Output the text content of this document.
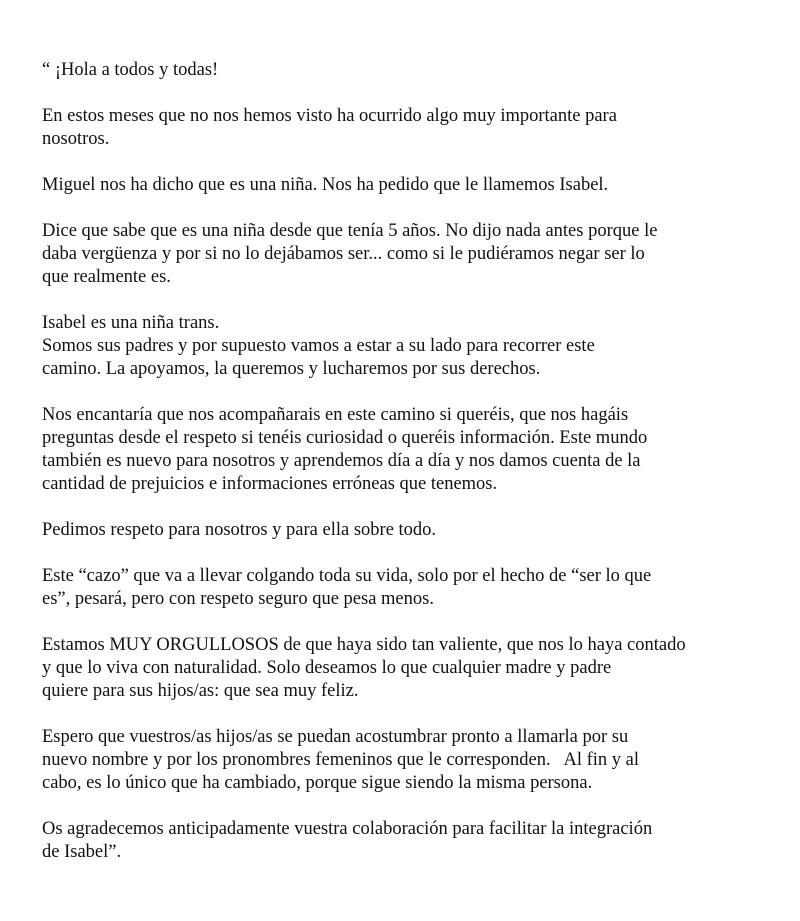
“ ¡Hola a todos y todas!

En estos meses que no nos hemos visto ha ocurrido algo muy importante para
nosotros.

Miguel nos ha dicho que es una niña. Nos ha pedido que le llamemos Isabel.

Dice que sabe que es una niña desde que tenía 5 años. No dijo nada antes porque le
daba vergüenza y por si no lo dejábamos ser... como si le pudiéramos negar ser lo
que realmente es.

Isabel es una niña trans.
Somos sus padres y por supuesto vamos a estar a su lado para recorrer este
camino. La apoyamos, la queremos y lucharemos por sus derechos.

Nos encantaría que nos acompañarais en este camino si queréis, que nos hagáis
preguntas desde el respeto si tenéis curiosidad o queréis información. Este mundo
también es nuevo para nosotros y aprendemos día a día y nos damos cuenta de la
cantidad de prejuicios e informaciones erróneas que tenemos.

Pedimos respeto para nosotros y para ella sobre todo.

Este “cazo” que va a llevar colgando toda su vida, solo por el hecho de “ser lo que
es”, pesará, pero con respeto seguro que pesa menos.

Estamos MUY ORGULLOSOS de que haya sido tan valiente, que nos lo haya contado
y que lo viva con naturalidad. Solo deseamos lo que cualquier madre y padre
quiere para sus hijos/as: que sea muy feliz.

Espero que vuestros/as hijos/as se puedan acostumbrar pronto a llamarla por su
nuevo nombre y por los pronombres femeninos que le corresponden.   Al fin y al
cabo, es lo único que ha cambiado, porque sigue siendo la misma persona.

Os agradecemos anticipadamente vuestra colaboración para facilitar la integración
de Isabel”.
